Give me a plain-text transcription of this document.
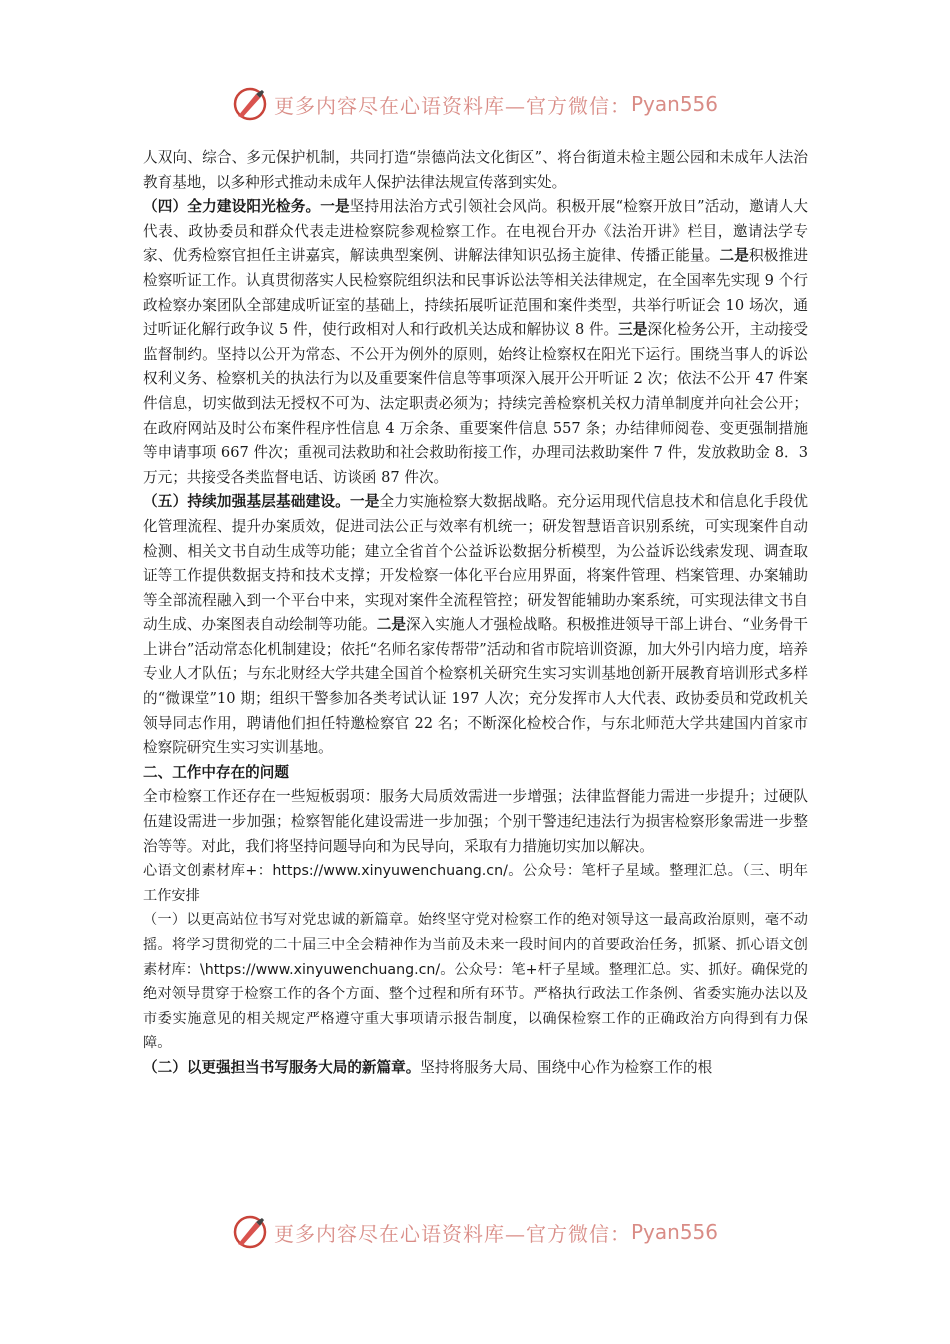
更多内容尽在心语资料库—官方微信： Pyan556

人双向、综合、多元保护机制，共同打造“崇德尚法文化街区”、将台街道未检主题公园和未成年人法治教育基地，以多种形式推动未成年人保护法律法规宣传落到实处。

（四）全力建设阳光检务。一是坚持用法治方式引领社会风尚。积极开展“检察开放日”活动，邀请人大代表、政协委员和群众代表走进检察院参观检察工作。在电视台开办《法治开讲》栏目，邀请法学专家、优秀检察官担任主讲嘉宾，解读典型案例、讲解法律知识弘扬主旋律、传播正能量。二是积极推进检察听证工作。认真贯彻落实人民检察院组织法和民事诉讼法等相关法律规定，在全国率先实现 9 个行政检察办案团队全部建成听证室的基础上，持续拓展听证范围和案件类型，共举行听证会 10 场次，通过听证化解行政争议 5 件，使行政相对人和行政机关达成和解协议 8 件。三是深化检务公开，主动接受监督制约。坚持以公开为常态、不公开为例外的原则，始终让检察权在阳光下运行。围绕当事人的诉讼权利义务、检察机关的执法行为以及重要案件信息等事项深入展开公开听证 2 次；依法不公开 47 件案件信息，切实做到法无授权不可为、法定职责必须为；持续完善检察机关权力清单制度并向社会公开；在政府网站及时公布案件程序性信息 4 万余条、重要案件信息 557 条；办结律师阅卷、变更强制措施等申请事项 667 件次；重视司法救助和社会救助衔接工作，办理司法救助案件 7 件，发放救助金 8．3 万元；共接受各类监督电话、访谈函 87 件次。

（五）持续加强基层基础建设。一是全力实施检察大数据战略。充分运用现代信息技术和信息化手段优化管理流程、提升办案质效，促进司法公正与效率有机统一；研发智慧语音识别系统，可实现案件自动检测、相关文书自动生成等功能；建立全省首个公益诉讼数据分析模型，为公益诉讼线索发现、调查取证等工作提供数据支持和技术支撑；开发检察一体化平台应用界面，将案件管理、档案管理、办案辅助等全部流程融入到一个平台中来，实现对案件全流程管控；研发智能辅助办案系统，可实现法律文书自动生成、办案图表自动绘制等功能。二是深入实施人才强检战略。积极推进领导干部上讲台、“业务骨干上讲台”活动常态化机制建设；依托“名师名家传帮带”活动和省市院培训资源，加大外引内培力度，培养专业人才队伍；与东北财经大学共建全国首个检察机关研究生实习实训基地创新开展教育培训形式多样的“微课堂”10 期；组织干警参加各类考试认证 197 人次；充分发挥市人大代表、政协委员和党政机关领导同志作用，聘请他们担任特邀检察官 22 名；不断深化检校合作，与东北师范大学共建国内首家市检察院研究生实习实训基地。

二、工作中存在的问题

全市检察工作还存在一些短板弱项：服务大局质效需进一步增强；法律监督能力需进一步提升；过硬队伍建设需进一步加强；检察智能化建设需进一步加强；个别干警违纪违法行为损害检察形象需进一步整治等等。对此，我们将坚持问题导向和为民导向，采取有力措施切实加以解决。

心语文创素材库+：https://www.xinyuwenchuang.cn/。公众号：笔杆子星域。整理汇总。（三、明年工作安排

（一）以更高站位书写对党忠诚的新篇章。始终坚守党对检察工作的绝对领导这一最高政治原则，毫不动摇。将学习贯彻党的二十届三中全会精神作为当前及未来一段时间内的首要政治任务，抓紧、抓心语文创素材库：\https://www.xinyuwenchuang.cn/。公众号：笔+杆子星域。整理汇总。实、抓好。确保党的绝对领导贯穿于检察工作的各个方面、整个过程和所有环节。严格执行政法工作条例、省委实施办法以及市委实施意见的相关规定严格遵守重大事项请示报告制度，以确保检察工作的正确政治方向得到有力保障。

（二）以更强担当书写服务大局的新篇章。坚持将服务大局、围绕中心作为检察工作的根

更多内容尽在心语资料库—官方微信： Pyan556
